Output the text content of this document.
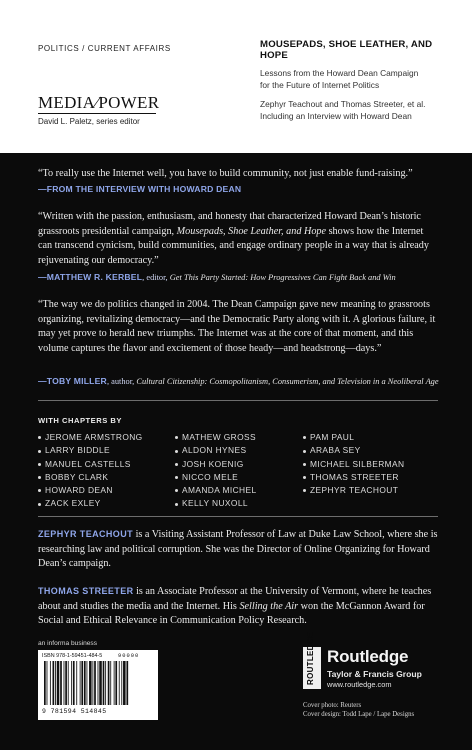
POLITICS / CURRENT AFFAIRS
MEDIA∕POWER
David L. Paletz, series editor
MOUSEPADS, SHOE LEATHER, AND HOPE
Lessons from the Howard Dean Campaign
for the Future of Internet Politics
Zephyr Teachout and Thomas Streeter, et al.
Including an Interview with Howard Dean
“To really use the Internet well, you have to build community, not just enable fund-raising.”
—FROM THE INTERVIEW WITH HOWARD DEAN
“Written with the passion, enthusiasm, and honesty that characterized Howard Dean’s historic grassroots presidential campaign, Mousepads, Shoe Leather, and Hope shows how the Internet can transcend cynicism, build communities, and engage ordinary people in a way that is already rejuvenating our democracy.”
—MATTHEW R. KERBEL, editor, Get This Party Started: How Progressives Can Fight Back and Win
“The way we do politics changed in 2004. The Dean Campaign gave new meaning to grassroots organizing, revitalizing democracy—and the Democratic Party along with it. A glorious failure, it may yet prove to herald new triumphs. The Internet was at the core of that moment, and this volume captures the flavor and excitement of those heady—and headstrong—days.”
—TOBY MILLER, author, Cultural Citizenship: Cosmopolitanism, Consumerism, and Television in a Neoliberal Age
WITH CHAPTERS BY
JEROME ARMSTRONG
LARRY BIDDLE
MANUEL CASTELLS
BOBBY CLARK
HOWARD DEAN
ZACK EXLEY
MATHEW GROSS
ALDON HYNES
JOSH KOENIG
NICCO MELE
AMANDA MICHEL
KELLY NUXOLL
PAM PAUL
ARABA SEY
MICHAEL SILBERMAN
THOMAS STREETER
ZEPHYR TEACHOUT
ZEPHYR TEACHOUT is a Visiting Assistant Professor of Law at Duke Law School, where she is researching law and political corruption. She was the Director of Online Organizing for Howard Dean’s campaign.
THOMAS STREETER is an Associate Professor at the University of Vermont, where he teaches about and studies the media and the Internet. His Selling the Air won the McGannon Award for Social and Ethical Relevance in Communication Policy Research.
an informa business
ISBN 978-1-59451-484-5	90000
9 781594 514845
ROUTLEDGE Routledge
Taylor & Francis Group
www.routledge.com
Cover photo: Reuters
Cover design: Todd Lape / Lape Designs
